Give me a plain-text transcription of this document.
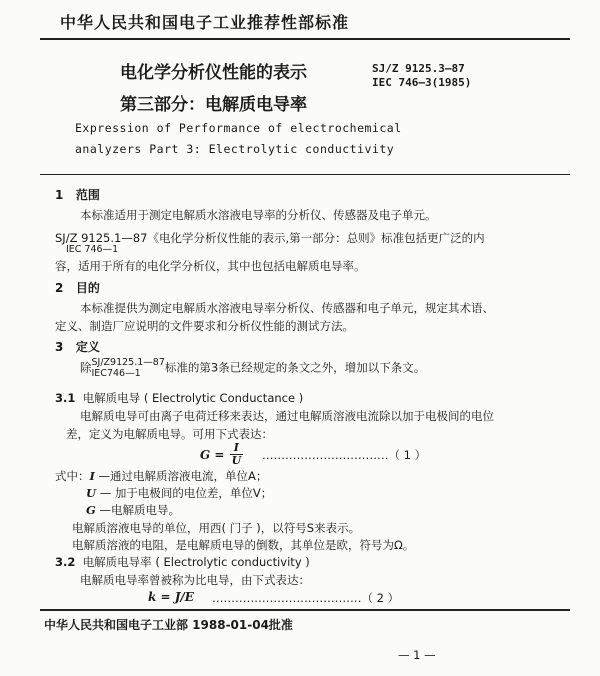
中华人民共和国电子工业推荐性部标准
电化学分析仪性能的表示
第三部分：电解质电导率
SJ/Z 9125.3—87
IEC 746—3(1985)
Expression of Performance of electrochemical
analyzers Part 3: Electrolytic conductivity
1 范围
本标准适用于测定电解质水溶液电导率的分析仪、传感器及电子单元。
SJ/Z 9125.1—87《电化学分析仪性能的表示,第一部分：总则》标准包括更广泛的内
IEC 746—1
容，适用于所有的电化学分析仪，其中也包括电解质电导率。
2 目的
本标准提供为测定电解质水溶液电导率分析仪、传感器和电子单元，规定其术语、
定义、制造厂应说明的文件要求和分析仪性能的测试方法。
3 定义
除 SJ/Z9125.1—87
IEC746—1	标准的第3条已经规定的条文之外，增加以下条文。
3.1 电解质电导 ( Electrolytic Conductance )
电解质电导可由离子电荷迁移来表达，通过电解质溶液电流除以加于电极间的电位
差，定义为电解质电导。可用下式表达：
$G = \frac{I}{U}$ ……………………………（ 1 ）
式中：I —通过电解质溶液电流，单位A；
U — 加于电极间的电位差，单位V；
G —电解质电导。
电解质溶液电导的单位，用西( 门子 )，以符号S来表示。
电解质溶液的电阻，是电解质电导的倒数，其单位是欧，符号为Ω。
3.2 电解质电导率 ( Electrolytic conductivity )
电解质电导率曾被称为比电导，由下式表达：
k = J/E …………………………………（ 2 ）
中华人民共和国电子工业部 1988-01-04批准
— 1 —
